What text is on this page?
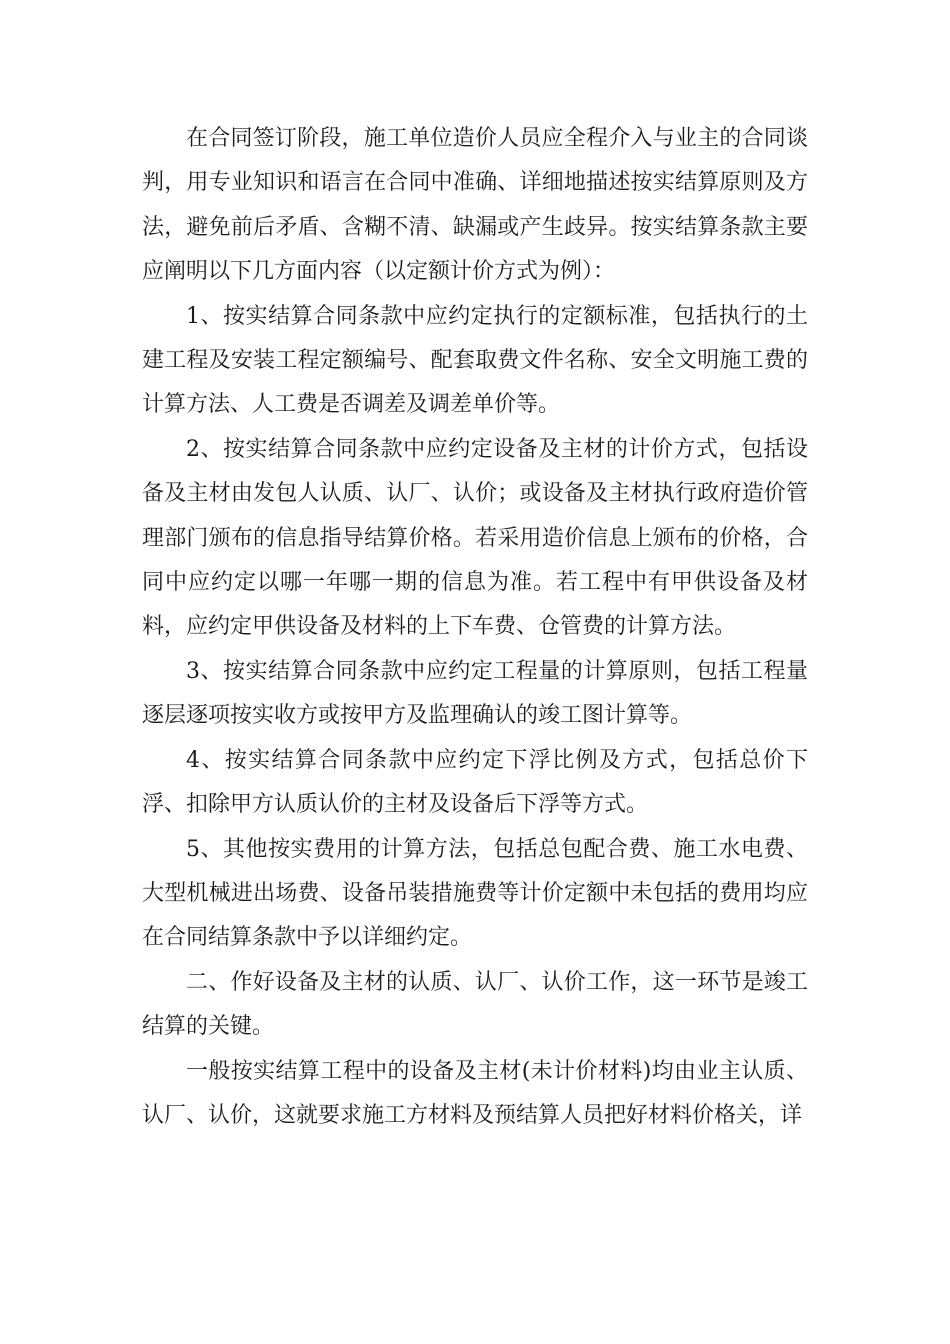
在合同签订阶段，施工单位造价人员应全程介入与业主的合同谈判，用专业知识和语言在合同中准确、详细地描述按实结算原则及方法，避免前后矛盾、含糊不清、缺漏或产生歧异。按实结算条款主要应阐明以下几方面内容（以定额计价方式为例）：

1、按实结算合同条款中应约定执行的定额标准，包括执行的土建工程及安装工程定额编号、配套取费文件名称、安全文明施工费的计算方法、人工费是否调差及调差单价等。

2、按实结算合同条款中应约定设备及主材的计价方式，包括设备及主材由发包人认质、认厂、认价；或设备及主材执行政府造价管理部门颁布的信息指导结算价格。若采用造价信息上颁布的价格，合同中应约定以哪一年哪一期的信息为准。若工程中有甲供设备及材料，应约定甲供设备及材料的上下车费、仓管费的计算方法。

3、按实结算合同条款中应约定工程量的计算原则，包括工程量逐层逐项按实收方或按甲方及监理确认的竣工图计算等。

4、按实结算合同条款中应约定下浮比例及方式，包括总价下浮、扣除甲方认质认价的主材及设备后下浮等方式。

5、其他按实费用的计算方法，包括总包配合费、施工水电费、大型机械进出场费、设备吊装措施费等计价定额中未包括的费用均应在合同结算条款中予以详细约定。

二、作好设备及主材的认质、认厂、认价工作，这一环节是竣工结算的关键。

一般按实结算工程中的设备及主材(未计价材料)均由业主认质、认厂、认价，这就要求施工方材料及预结算人员把好材料价格关，详
